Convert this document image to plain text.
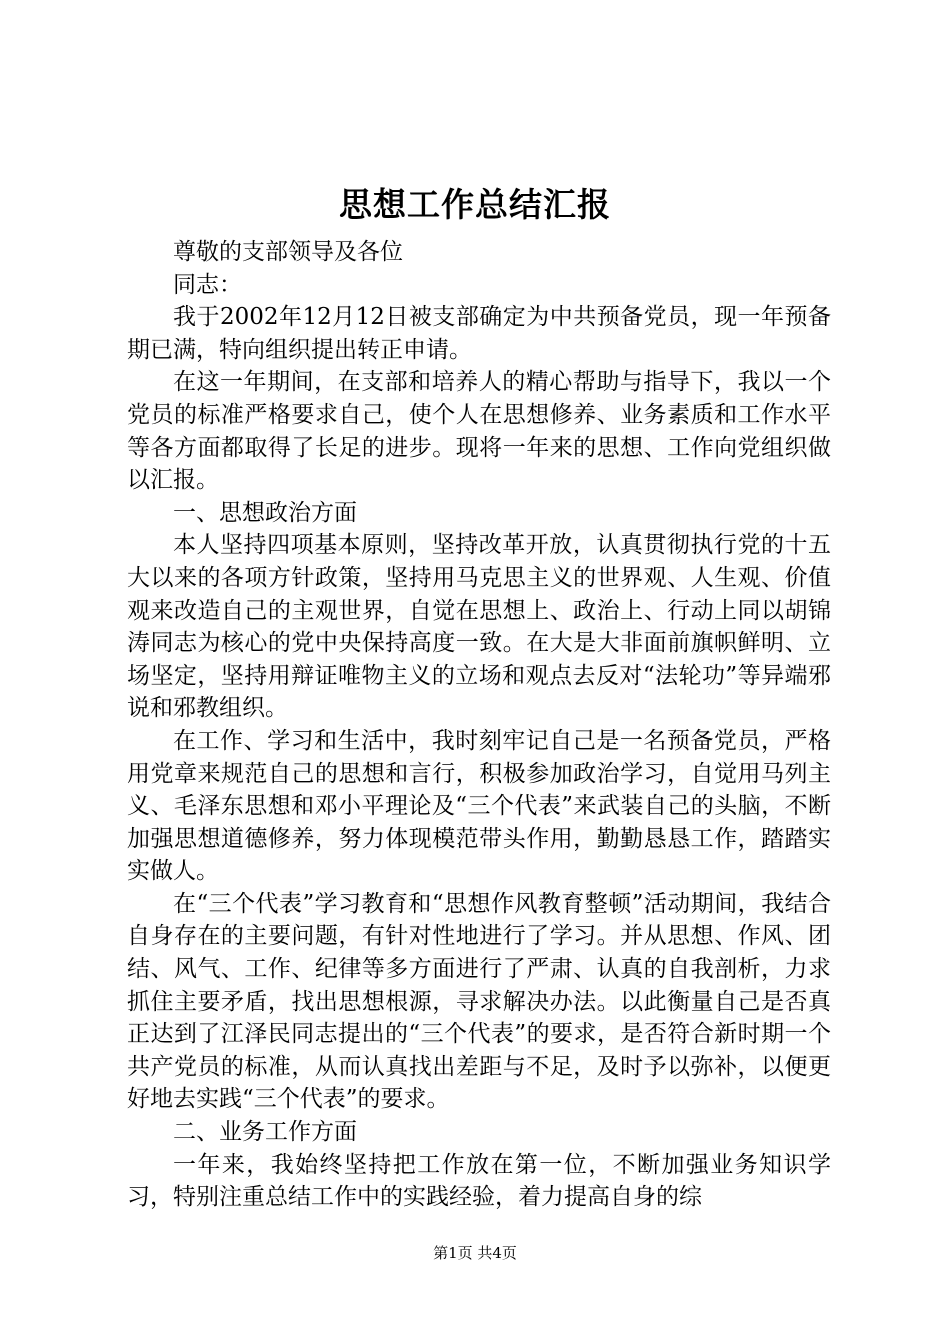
思想工作总结汇报

尊敬的支部领导及各位

同志：

我于2002年12月12日被支部确定为中共预备党员，现一年预备期已满，特向组织提出转正申请。

在这一年期间，在支部和培养人的精心帮助与指导下，我以一个党员的标准严格要求自己，使个人在思想修养、业务素质和工作水平等各方面都取得了长足的进步。现将一年来的思想、工作向党组织做以汇报。

一、思想政治方面

本人坚持四项基本原则，坚持改革开放，认真贯彻执行党的十五大以来的各项方针政策，坚持用马克思主义的世界观、人生观、价值观来改造自己的主观世界，自觉在思想上、政治上、行动上同以胡锦涛同志为核心的党中央保持高度一致。在大是大非面前旗帜鲜明、立场坚定，坚持用辩证唯物主义的立场和观点去反对“法轮功”等异端邪说和邪教组织。

在工作、学习和生活中，我时刻牢记自己是一名预备党员，严格用党章来规范自己的思想和言行，积极参加政治学习，自觉用马列主义、毛泽东思想和邓小平理论及“三个代表”来武装自己的头脑，不断加强思想道德修养，努力体现模范带头作用，勤勤恳恳工作，踏踏实实做人。

在“三个代表”学习教育和“思想作风教育整顿”活动期间，我结合自身存在的主要问题，有针对性地进行了学习。并从思想、作风、团结、风气、工作、纪律等多方面进行了严肃、认真的自我剖析，力求抓住主要矛盾，找出思想根源，寻求解决办法。以此衡量自己是否真正达到了江泽民同志提出的“三个代表”的要求，是否符合新时期一个共产党员的标准，从而认真找出差距与不足，及时予以弥补，以便更好地去实践“三个代表”的要求。

二、业务工作方面

一年来，我始终坚持把工作放在第一位，不断加强业务知识学习，特别注重总结工作中的实践经验，着力提高自身的综

第1页 共4页
